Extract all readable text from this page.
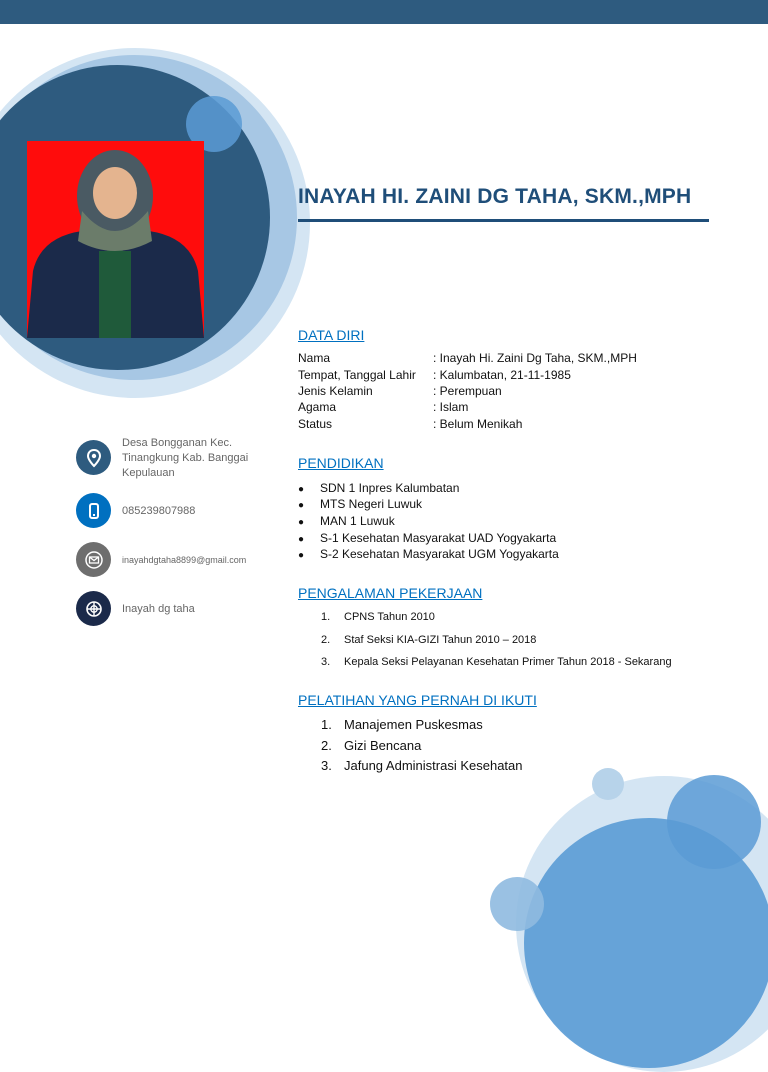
INAYAH HI. ZAINI DG TAHA, SKM.,MPH
DATA DIRI
Nama	: Inayah Hi. Zaini Dg Taha, SKM.,MPH
Tempat, Tanggal Lahir : Kalumbatan, 21-11-1985
Jenis Kelamin	: Perempuan
Agama	: Islam
Status	: Belum Menikah
PENDIDIKAN
● SDN 1 Inpres Kalumbatan
● MTS Negeri Luwuk
● MAN 1 Luwuk
● S-1 Kesehatan Masyarakat UAD Yogyakarta
● S-2 Kesehatan Masyarakat UGM Yogyakarta
PENGALAMAN PEKERJAAN
1. CPNS Tahun 2010
2. Staf Seksi KIA-GIZI Tahun 2010 – 2018
3. Kepala Seksi Pelayanan Kesehatan Primer Tahun 2018 - Sekarang
PELATIHAN YANG PERNAH DI IKUTI
1. Manajemen Puskesmas
2. Gizi Bencana
3. Jafung Administrasi Kesehatan
Desa Bongganan Kec. Tinangkung Kab. Banggai Kepulauan
085239807988
inayahdgtaha8899@gmail.com
Inayah dg taha
